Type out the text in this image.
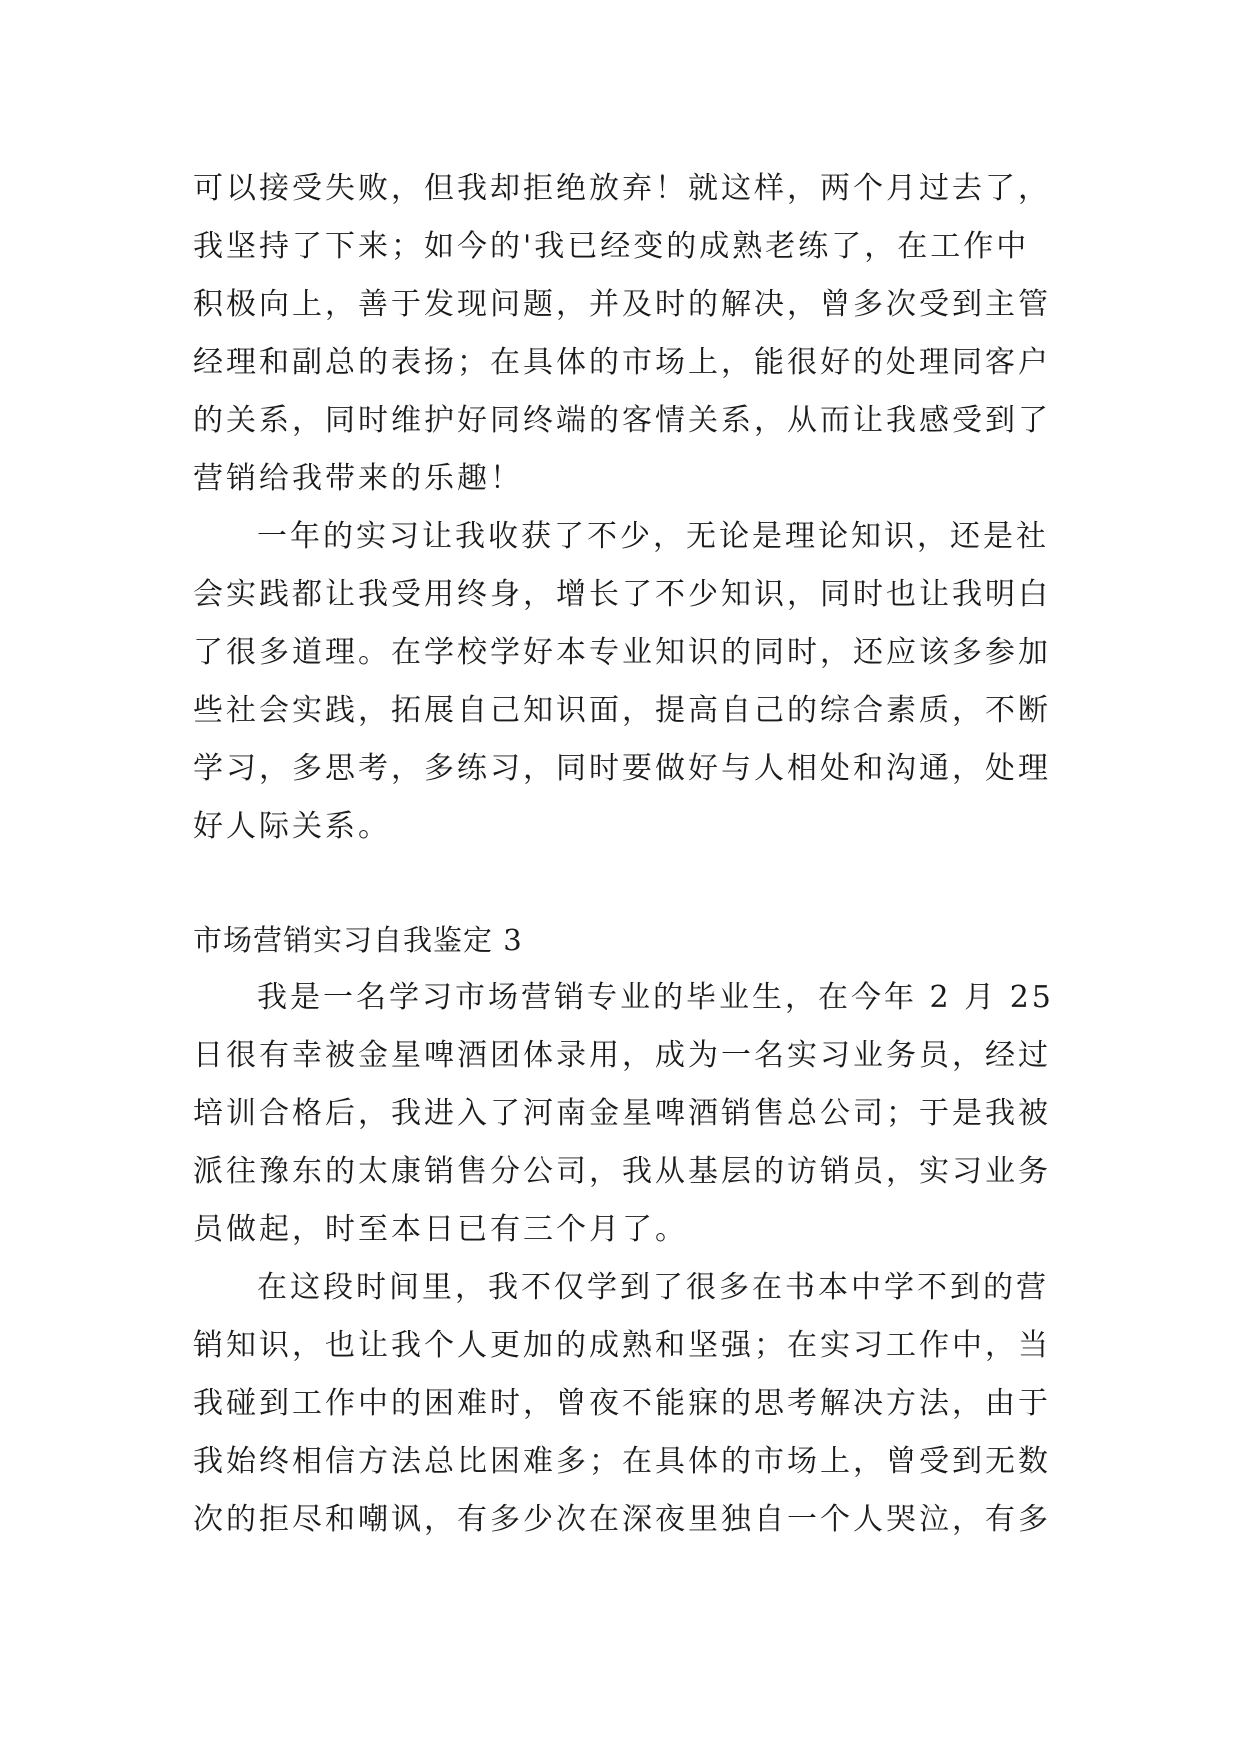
可以接受失败，但我却拒绝放弃！就这样，两个月过去了，
我坚持了下来；如今的'我已经变的成熟老练了，在工作中
积极向上，善于发现问题，并及时的解决，曾多次受到主管
经理和副总的表扬；在具体的市场上，能很好的处理同客户
的关系，同时维护好同终端的客情关系，从而让我感受到了
营销给我带来的乐趣！
一年的实习让我收获了不少，无论是理论知识，还是社
会实践都让我受用终身，增长了不少知识，同时也让我明白
了很多道理。在学校学好本专业知识的同时，还应该多参加
些社会实践，拓展自己知识面，提高自己的综合素质，不断
学习，多思考，多练习，同时要做好与人相处和沟通，处理
好人际关系。
市场营销实习自我鉴定 3
我是一名学习市场营销专业的毕业生，在今年 2 月 25
日很有幸被金星啤酒团体录用，成为一名实习业务员，经过
培训合格后，我进入了河南金星啤酒销售总公司；于是我被
派往豫东的太康销售分公司，我从基层的访销员，实习业务
员做起，时至本日已有三个月了。
在这段时间里，我不仅学到了很多在书本中学不到的营
销知识，也让我个人更加的成熟和坚强；在实习工作中，当
我碰到工作中的困难时，曾夜不能寐的思考解决方法，由于
我始终相信方法总比困难多；在具体的市场上，曾受到无数
次的拒尽和嘲讽，有多少次在深夜里独自一个人哭泣，有多
